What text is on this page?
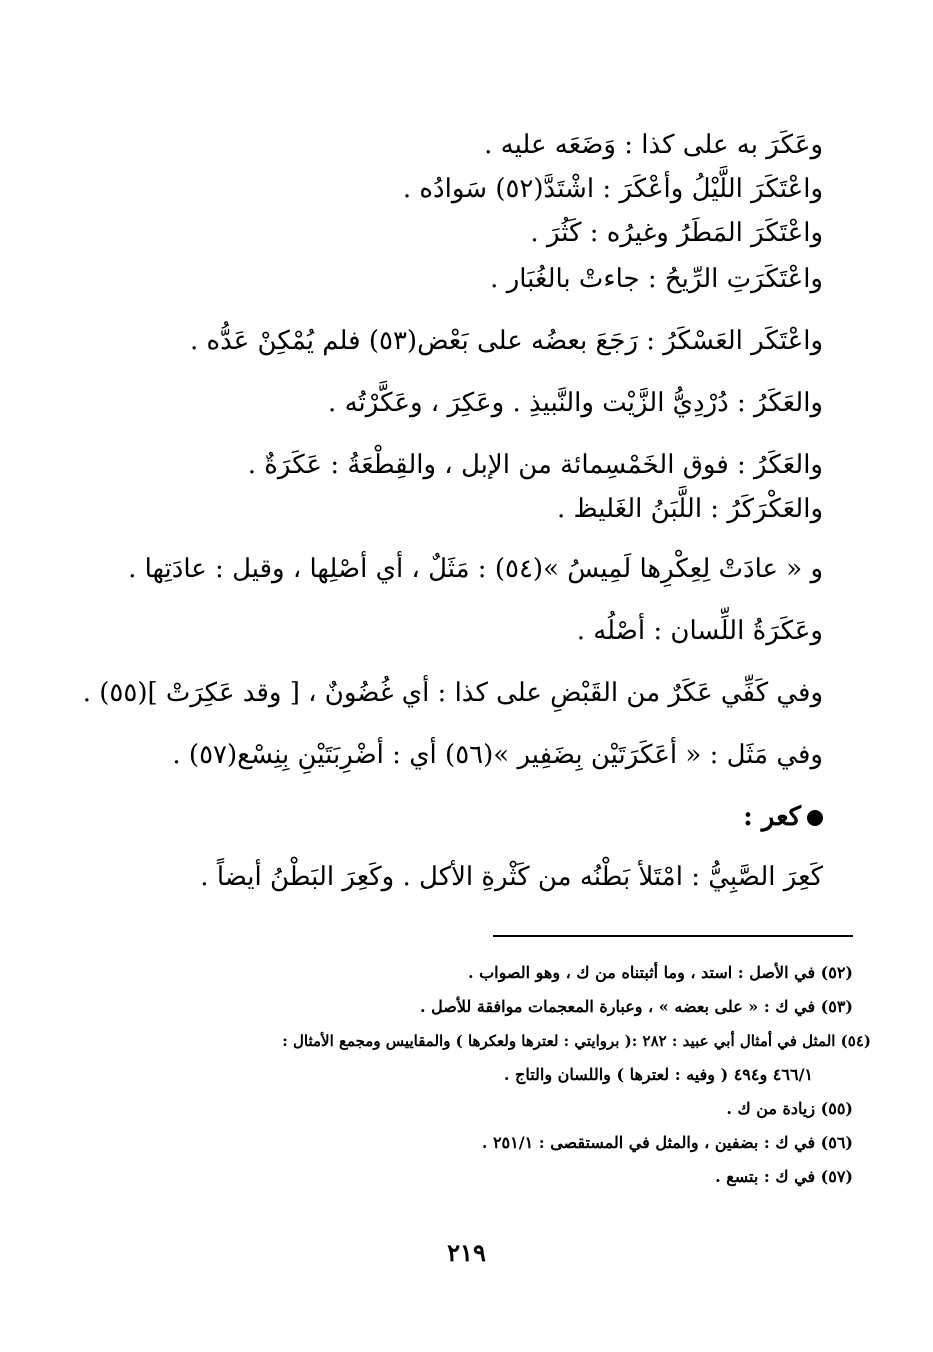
وعَكَرَ به على كذا : وَضَعَه عليه .
واعْتَكَرَ اللَّيْلُ وأعْكَرَ : اشْتَدَّ(٥٢) سَوادُه .
واعْتَكَرَ المَطَرُ وغيرُه : كَثُرَ .
واعْتَكَرَتِ الرِّيحُ : جاءتْ بالغُبَار .
واعْتَكَر العَسْكَرُ : رَجَعَ بعضُه على بَعْض(٥٣) فلم يُمْكِنْ عَدُّه .
والعَكَرُ : دُرْدِيُّ الزَّيْت والنَّبيذِ . وعَكِرَ ، وعَكَّرْتُه .
والعَكَرُ : فوق الخَمْسِمائة من الإبل ، والقِطْعَةُ : عَكَرَةٌ .
والعَكْرَكَرُ : اللَّبَنُ الغَليظ .
و « عادَتْ لِعِكْرِها لَمِيسُ »(٥٤) : مَثَلٌ ، أي أصْلِها ، وقيل : عادَتِها .
وعَكَرَةُ اللِّسان : أصْلُه .
وفي كَفِّي عَكَرٌ من القَبْضِ على كذا : أي غُضُونٌ ، [ وقد عَكِرَتْ ](٥٥) .
وفي مَثَل : « أعَكَرَتَيْن بِضَفِير »(٥٦) أي : أضْرِبَتَيْنِ بِنِسْع(٥٧) .
كعر :
كَعِرَ الصَّبِيُّ : امْتَلأ بَطْنُه من كَثْرةِ الأكل . وكَعِرَ البَطْنُ أيضاً .
(٥٢) في الأصل : استد ، وما أثبتناه من ك ، وهو الصواب .
(٥٣) في ك : « على بعضه » ، وعبارة المعجمات موافقة للأصل .
(٥٤) المثل في أمثال أبي عبيد : ٢٨٢ :( بروايتي : لعترها ولعكرها ) والمقاييس ومجمع الأمثال :
٤٦٦/١ و٤٩٤ ( وفيه : لعترها ) واللسان والتاج .
(٥٥) زيادة من ك .
(٥٦) في ك : بضفين ، والمثل في المستقصى : ٢٥١/١ .
(٥٧) في ك : بتسع .
٢١٩
